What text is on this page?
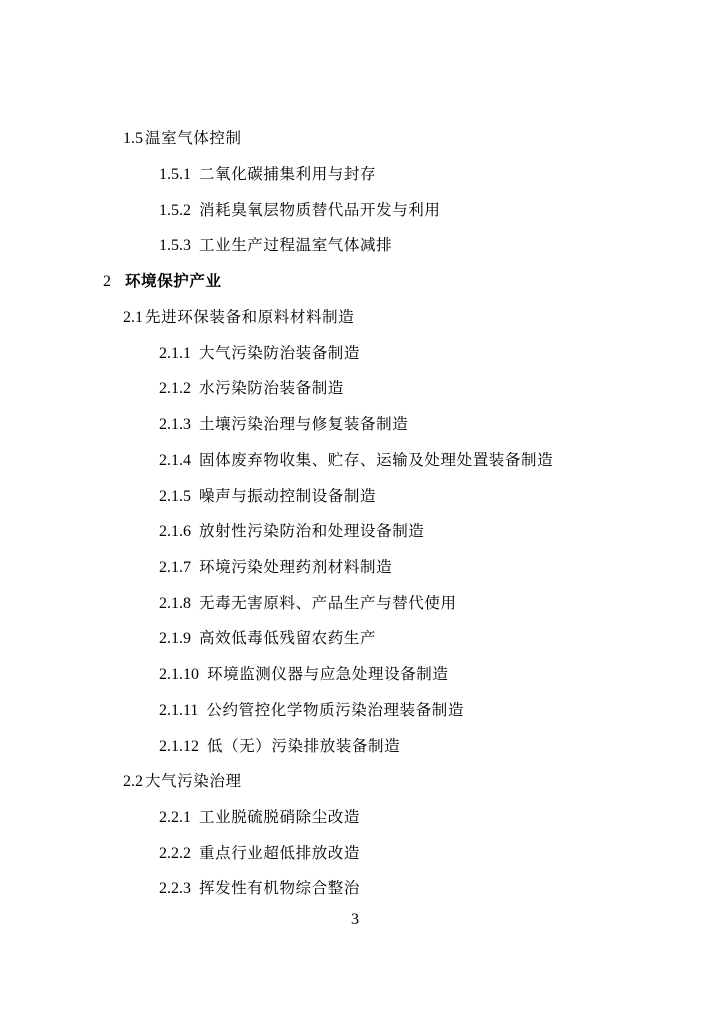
1.5 温室气体控制
1.5.1 二氧化碳捕集利用与封存
1.5.2 消耗臭氧层物质替代品开发与利用
1.5.3 工业生产过程温室气体减排
2 环境保护产业
2.1 先进环保装备和原料材料制造
2.1.1 大气污染防治装备制造
2.1.2 水污染防治装备制造
2.1.3 土壤污染治理与修复装备制造
2.1.4 固体废弃物收集、贮存、运输及处理处置装备制造
2.1.5 噪声与振动控制设备制造
2.1.6 放射性污染防治和处理设备制造
2.1.7 环境污染处理药剂材料制造
2.1.8 无毒无害原料、产品生产与替代使用
2.1.9 高效低毒低残留农药生产
2.1.10 环境监测仪器与应急处理设备制造
2.1.11 公约管控化学物质污染治理装备制造
2.1.12 低（无）污染排放装备制造
2.2 大气污染治理
2.2.1 工业脱硫脱硝除尘改造
2.2.2 重点行业超低排放改造
2.2.3 挥发性有机物综合整治
3
